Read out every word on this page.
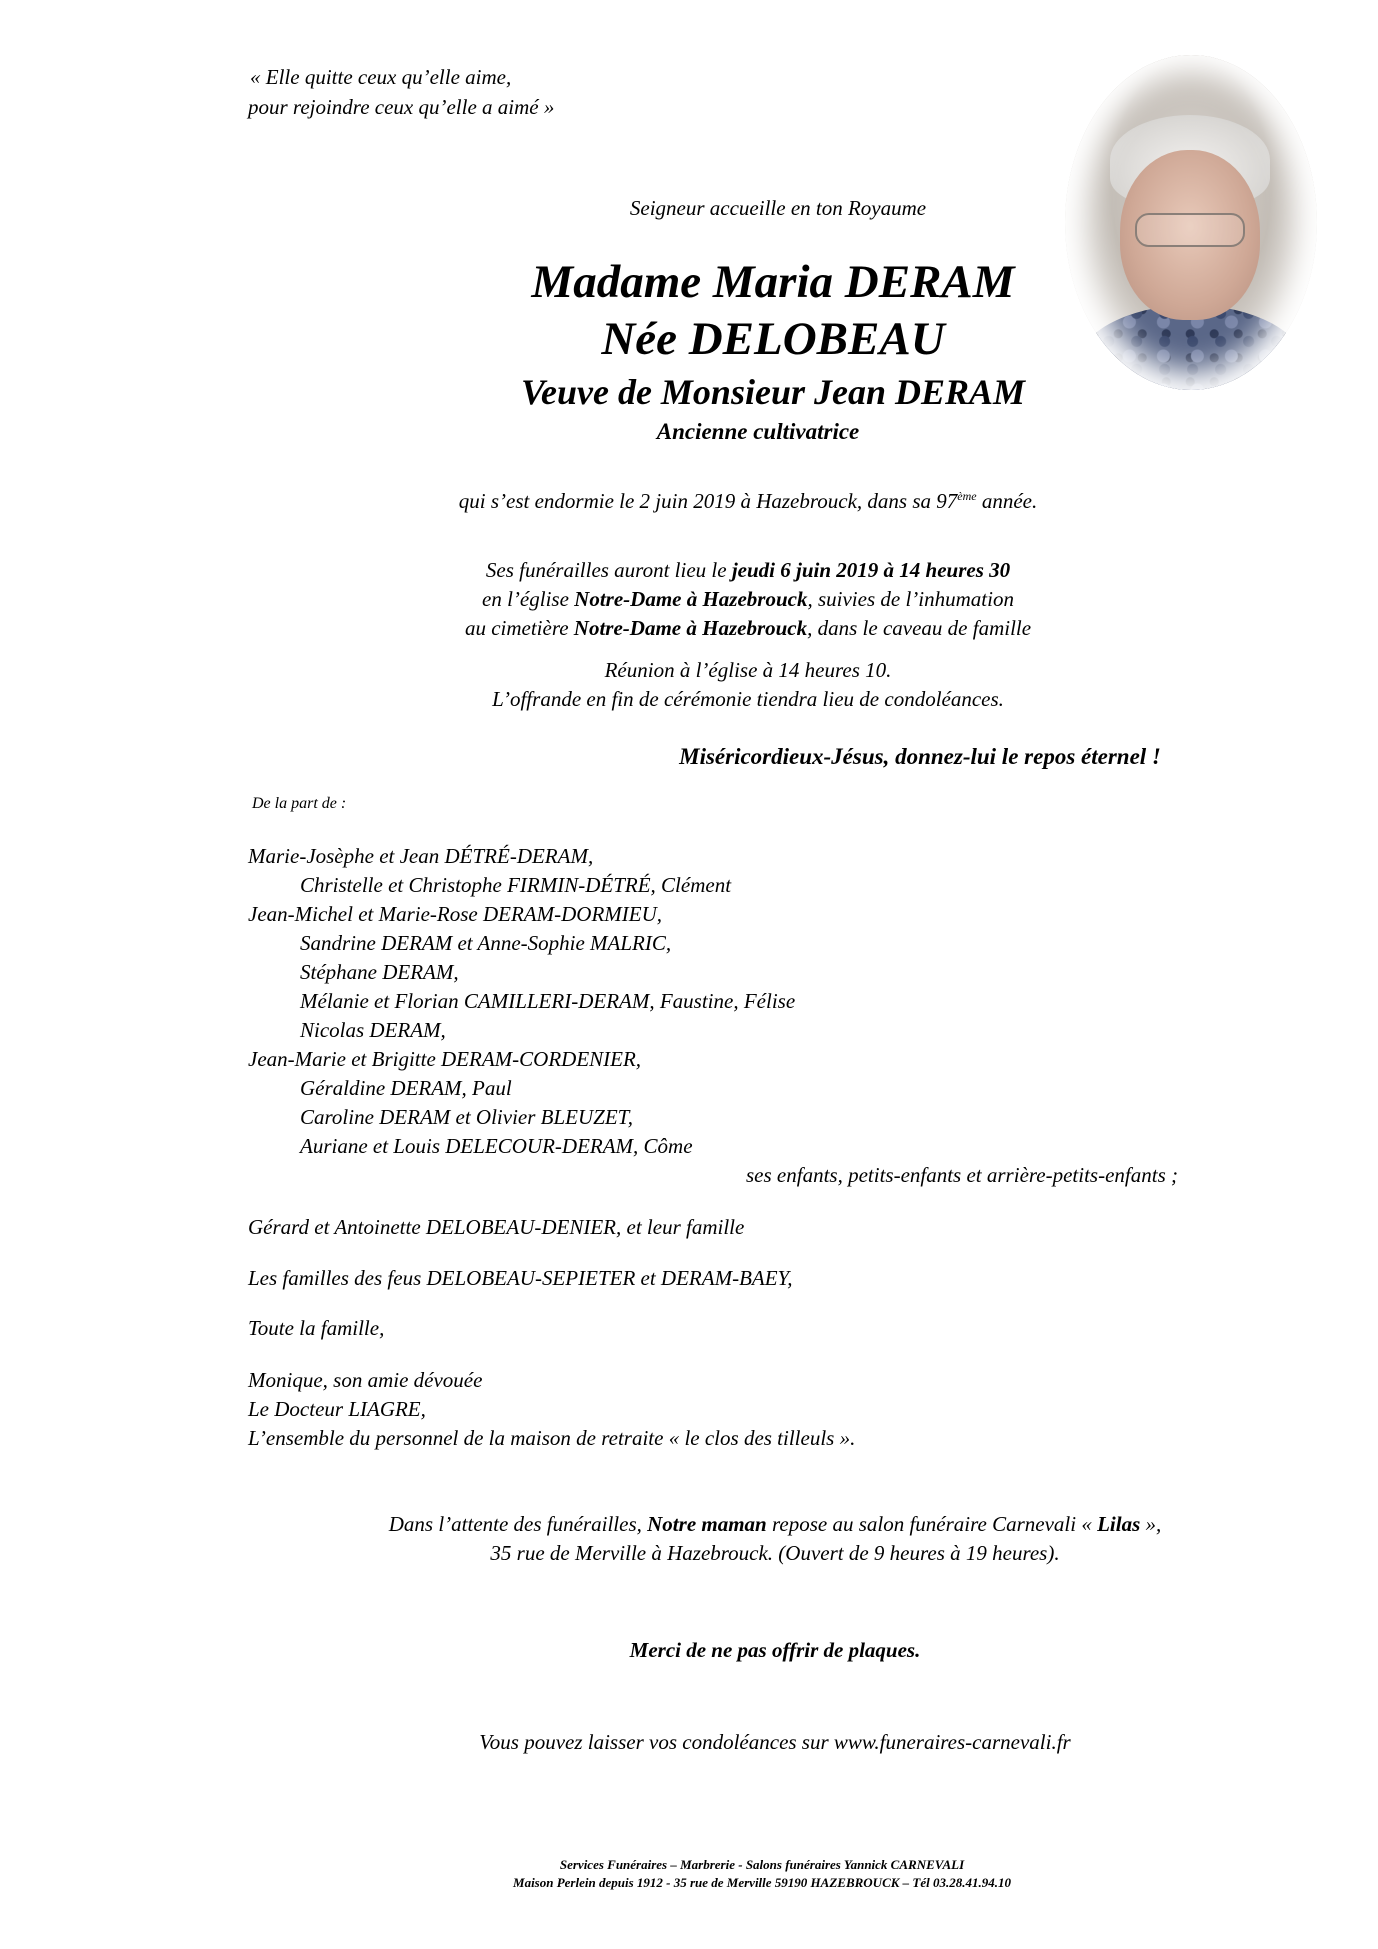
« Elle quitte ceux qu’elle aime,
pour rejoindre ceux qu’elle a aimé »
Seigneur accueille en ton Royaume
Madame Maria DERAM
Née DELOBEAU
Veuve de Monsieur Jean DERAM
Ancienne cultivatrice
qui s’est endormie le 2 juin 2019 à Hazebrouck, dans sa 97ème année.
Ses funérailles auront lieu le jeudi 6 juin 2019 à 14 heures 30
en l’église Notre-Dame à Hazebrouck, suivies de l’inhumation
au cimetière Notre-Dame à Hazebrouck, dans le caveau de famille
Réunion à l’église à 14 heures 10.
L’offrande en fin de cérémonie tiendra lieu de condoléances.
Miséricordieux-Jésus, donnez-lui le repos éternel !
De la part de :
Marie-Josèphe et Jean DÉTRÉ-DERAM,
Christelle et Christophe FIRMIN-DÉTRÉ, Clément
Jean-Michel et Marie-Rose DERAM-DORMIEU,
Sandrine DERAM et Anne-Sophie MALRIC,
Stéphane DERAM,
Mélanie et Florian CAMILLERI-DERAM, Faustine, Félise
Nicolas DERAM,
Jean-Marie et Brigitte DERAM-CORDENIER,
Géraldine DERAM, Paul
Caroline DERAM et Olivier BLEUZET,
Auriane et Louis DELECOUR-DERAM, Côme
ses enfants, petits-enfants et arrière-petits-enfants ;
Gérard et Antoinette DELOBEAU-DENIER, et leur famille
Les familles des feus DELOBEAU-SEPIETER et DERAM-BAEY,
Toute la famille,
Monique, son amie dévouée
Le Docteur LIAGRE,
L’ensemble du personnel de la maison de retraite « le clos des tilleuls ».
Dans l’attente des funérailles, Notre maman repose au salon funéraire Carnevali « Lilas »,
35 rue de Merville à Hazebrouck. (Ouvert de 9 heures à 19 heures).
Merci de ne pas offrir de plaques.
Vous pouvez laisser vos condoléances sur www.funeraires-carnevali.fr
Services Funéraires – Marbrerie - Salons funéraires Yannick CARNEVALI
Maison Perlein depuis 1912 - 35 rue de Merville 59190 HAZEBROUCK – Tél 03.28.41.94.10
